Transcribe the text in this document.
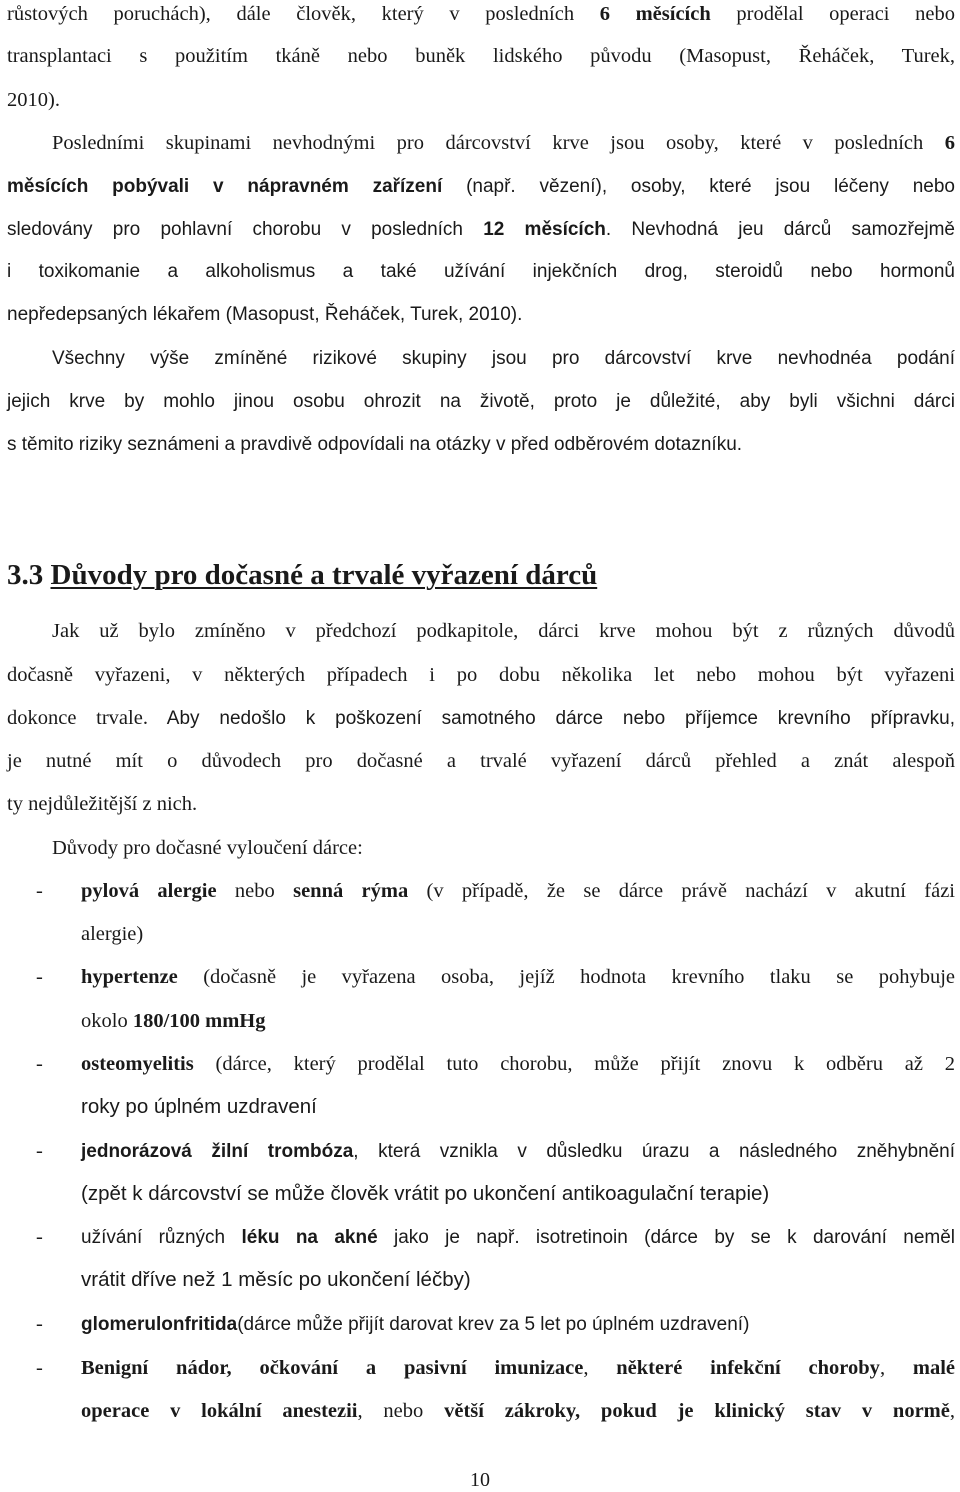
růstových poruchách), dále člověk, který v posledních 6 měsících prodělal operaci nebo
transplantaci s použitím tkáně nebo buněk lidského původu (Masopust, Řeháček, Turek,
2010).
Posledními skupinami nevhodnými pro dárcovství krve jsou osoby, které v posledních 6
měsících pobývali v nápravném zařízení (např. vězení), osoby, které jsou léčeny nebo
sledovány pro pohlavní chorobu v posledních 12 měsících. Nevhodná jeu dárců samozřejmě
i toxikomanie a alkoholismus a také užívání injekčních drog, steroidů nebo hormonů
nepředepsaných lékařem (Masopust, Řeháček, Turek, 2010).
Všechny výše zmíněné rizikové skupiny jsou pro dárcovství krve nevhodnéa podání
jejich krve by mohlo jinou osobu ohrozit na životě, proto je důležité, aby byli všichni dárci
s těmito riziky seznámeni a pravdivě odpovídali na otázky v před odběrovém dotazníku.
3.3 Důvody pro dočasné a trvalé vyřazení dárců
Jak už bylo zmíněno v předchozí podkapitole, dárci krve mohou být z různých důvodů
dočasně vyřazeni, v některých případech i po dobu několika let nebo mohou být vyřazeni
dokonce trvale. Aby nedošlo k poškození samotného dárce nebo příjemce krevního přípravku,
je nutné mít o důvodech pro dočasné a trvalé vyřazení dárců přehled a znát alespoň
ty nejdůležitější z nich.
Důvody pro dočasné vyloučení dárce:
- pylová alergie nebo senná rýma (v případě, že se dárce právě nachází v akutní fázi
alergie)
- hypertenze (dočasně je vyřazena osoba, jejíž hodnota krevního tlaku se pohybuje
okolo 180/100 mmHg
- osteomyelitis (dárce, který prodělal tuto chorobu, může přijít znovu k odběru až 2
roky po úplném uzdravení
- jednorázová žilní trombóza, která vznikla v důsledku úrazu a následného zněhybnění
(zpět k dárcovství se může člověk vrátit po ukončení antikoagulační terapie)
- užívání různých léku na akné jako je např. isotretinoin (dárce by se k darování neměl
vrátit dříve než 1 měsíc po ukončení léčby)
- glomerulonfritida(dárce může přijít darovat krev za 5 let po úplném uzdravení)
- Benigní nádor, očkování a pasivní imunizace, některé infekční choroby, malé
operace v lokální anestezii, nebo větší zákroky, pokud je klinický stav v normě,
10
